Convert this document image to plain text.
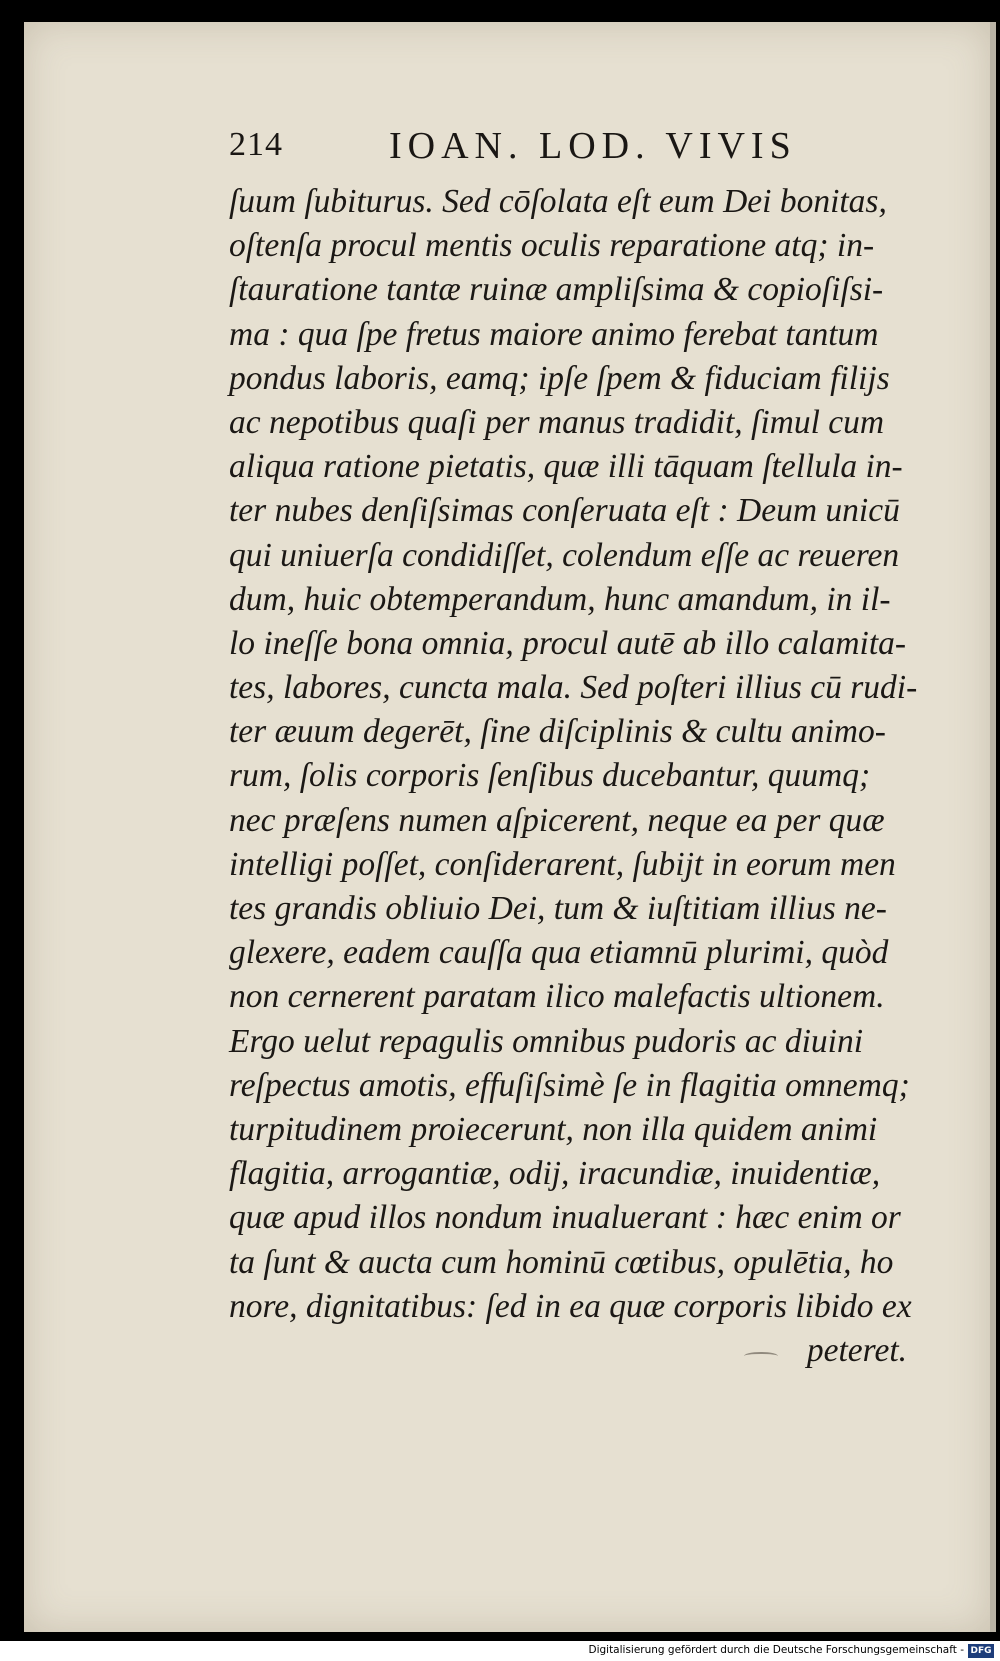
214	IOAN. LOD. VIVIS
ſuum ſubiturus. Sed cōſolata eſt eum Dei bonitas,
oſtenſa procul mentis oculis reparatione atq; in-
ſtauratione tantæ ruinæ ampliſsima & copioſiſsi-
ma : qua ſpe fretus maiore animo ferebat tantum
pondus laboris, eamq; ipſe ſpem & fiduciam filijs
ac nepotibus quaſi per manus tradidit, ſimul cum
aliqua ratione pietatis, quæ illi tāquam ſtellula in-
ter nubes denſiſsimas conſeruata eſt : Deum unicū
qui uniuerſa condidiſſet, colendum eſſe ac reueren
dum, huic obtemperandum, hunc amandum, in il-
lo ineſſe bona omnia, procul autē ab illo calamita-
tes, labores, cuncta mala. Sed poſteri illius cū rudi-
ter æuum degerēt, ſine diſciplinis & cultu animo-
rum, ſolis corporis ſenſibus ducebantur, quumq;
nec præſens numen aſpicerent, neque ea per quæ
intelligi poſſet, conſiderarent, ſubijt in eorum men
tes grandis obliuio Dei, tum & iuſtitiam illius ne-
glexere, eadem cauſſa qua etiamnū plurimi, quòd
non cernerent paratam ilico malefactis ultionem.
Ergo uelut repagulis omnibus pudoris ac diuini
reſpectus amotis, effuſiſsimè ſe in flagitia omnemq;
turpitudinem proiecerunt, non illa quidem animi
flagitia, arrogantiæ, odij, iracundiæ, inuidentiæ,
quæ apud illos nondum inualuerant : hæc enim or
ta ſunt & aucta cum hominū cœtibus, opulētia, ho
nore, dignitatibus: ſed in ea quæ corporis libido ex
peteret.
Digitalisierung gefördert durch die Deutsche Forschungsgemeinschaft - DFG
